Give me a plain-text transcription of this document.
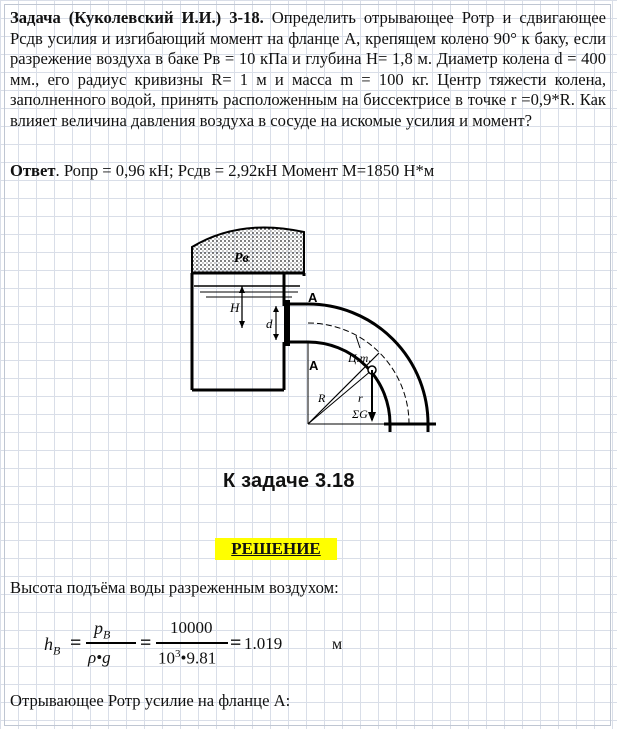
Задача (Куколевский И.И.) 3-18. Определить отрывающее Ротр и сдвигающее Рсдв усилия и изгибающий момент на фланце А, крепящем колено 90° к баку, если разрежение воздуха в баке Рв = 10 кПа и глубина Н= 1,8 м. Диаметр колена d = 400 мм., его радиус кривизны R= 1 м и масса m = 100 кг. Центр тяжести колена, заполненного водой, принять расположенным на биссектрисе в точке r =0,9*R. Как влияет величина давления воздуха в сосуде на искомые усилия и момент?
Ответ. Ропр = 0,96 кН; Рсдв = 2,92кН Момент М=1850 Н*м
Рв
H
d
A
A Ц.т.
R	r
ΣG
К задаче 3.18
РЕШЕНИЕ
Высота подъёма воды разреженным воздухом:
$h_B$ =
$p_B$
ρ•g
=
10000
$10^3•9.81$
= 1.019	м
Отрывающее Ротр усилие на фланце А:
